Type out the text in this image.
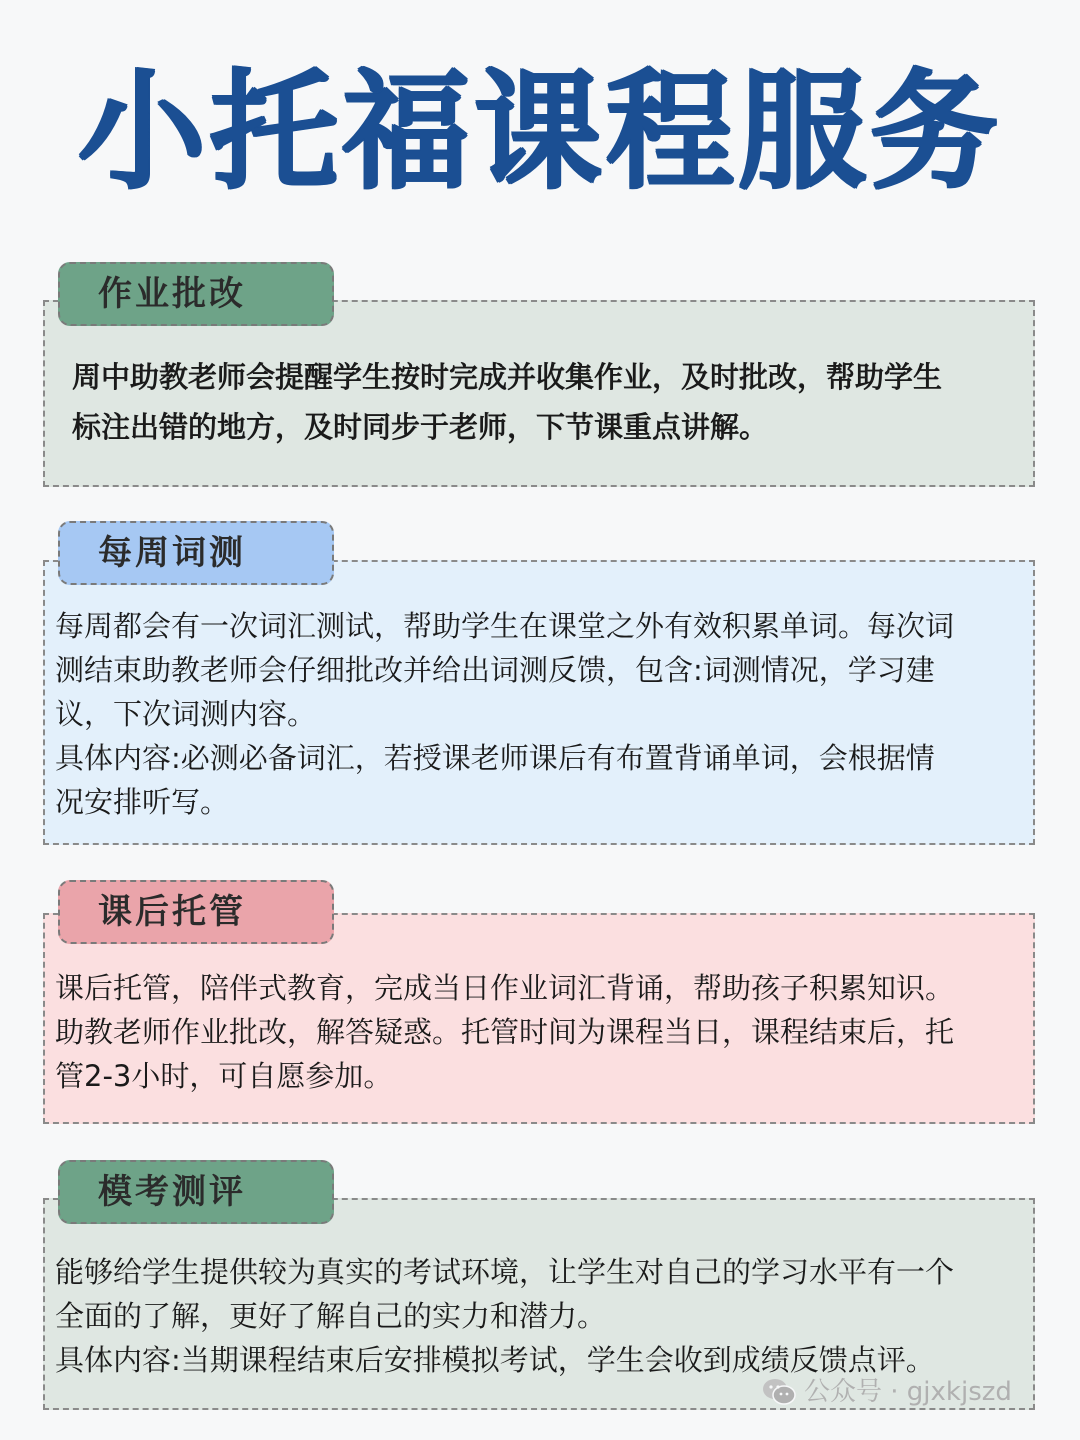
小托福课程服务
作业批改
周中助教老师会提醒学生按时完成并收集作业，及时批改，帮助学生
标注出错的地方，及时同步于老师，下节课重点讲解。
每周词测
每周都会有一次词汇测试，帮助学生在课堂之外有效积累单词。每次词
测结束助教老师会仔细批改并给出词测反馈，包含:词测情况，学习建
议，下次词测内容。
具体内容:必测必备词汇，若授课老师课后有布置背诵单词，会根据情
况安排听写。
课后托管
课后托管，陪伴式教育，完成当日作业词汇背诵，帮助孩子积累知识。
助教老师作业批改，解答疑惑。托管时间为课程当日，课程结束后，托
管2-3小时，可自愿参加。
模考测评
能够给学生提供较为真实的考试环境，让学生对自己的学习水平有一个
全面的了解，更好了解自己的实力和潜力。
具体内容:当期课程结束后安排模拟考试，学生会收到成绩反馈点评。
公众号 · gjxkjszd
